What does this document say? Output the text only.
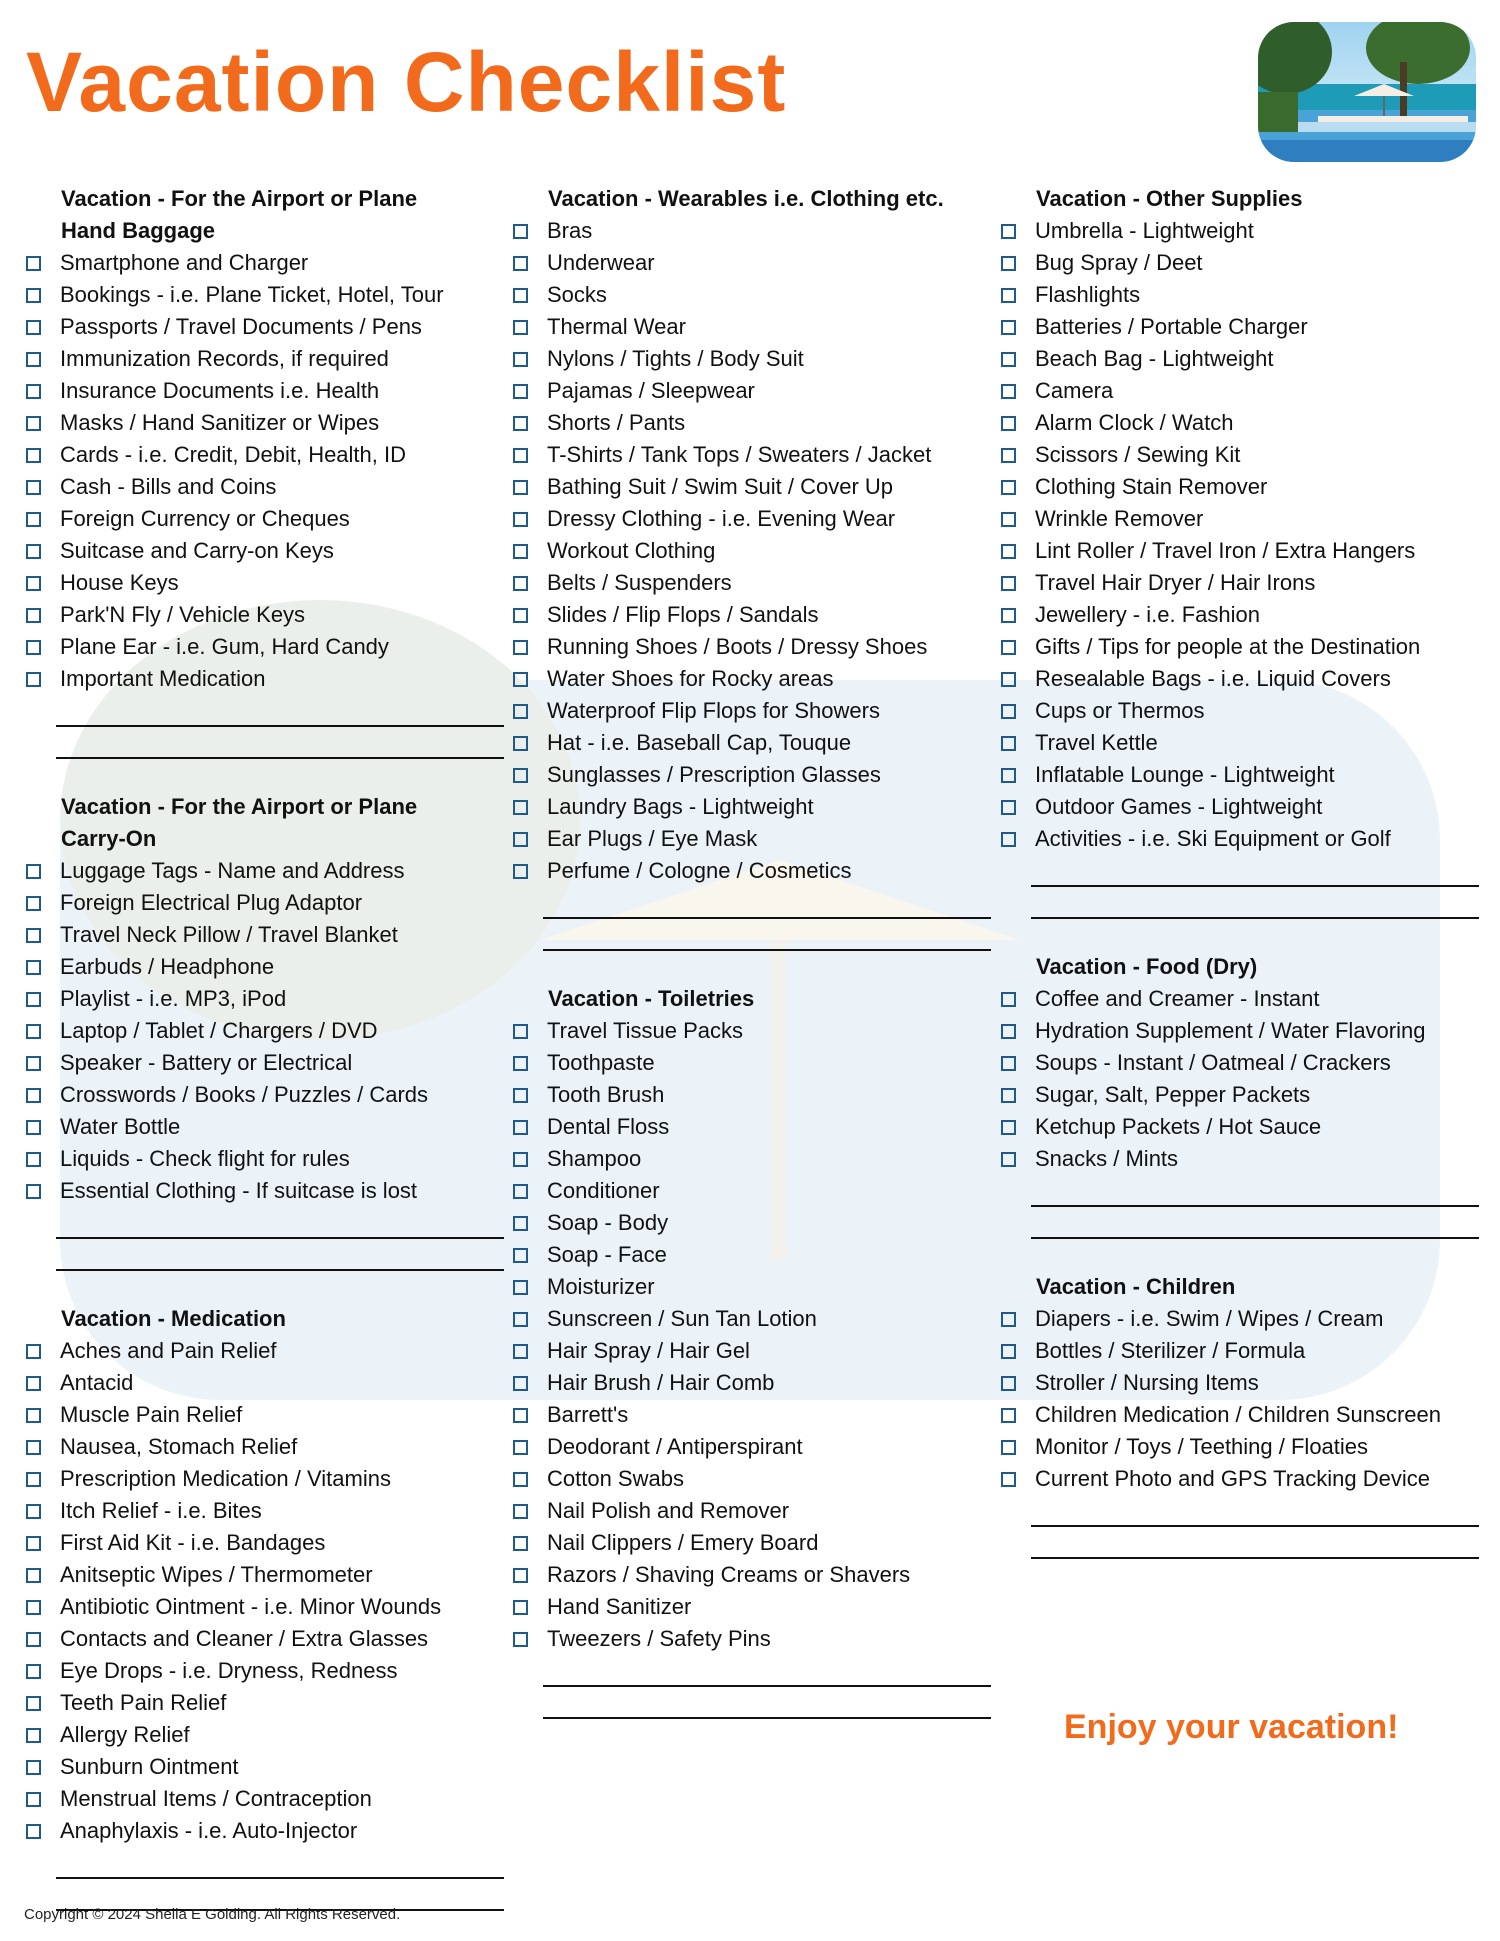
Vacation Checklist
Vacation - For the Airport or Plane
Hand Baggage
Smartphone and Charger
Bookings - i.e. Plane Ticket, Hotel, Tour
Passports / Travel Documents / Pens
Immunization Records, if required
Insurance Documents i.e. Health
Masks / Hand Sanitizer or Wipes
Cards - i.e. Credit, Debit, Health, ID
Cash - Bills and Coins
Foreign Currency or Cheques
Suitcase and Carry-on Keys
House Keys
Park'N Fly / Vehicle Keys
Plane Ear - i.e. Gum, Hard Candy
Important Medication
Vacation - For the Airport or Plane
Carry-On
Luggage Tags - Name and Address
Foreign Electrical Plug Adaptor
Travel Neck Pillow / Travel Blanket
Earbuds / Headphone
Playlist - i.e. MP3, iPod
Laptop / Tablet / Chargers / DVD
Speaker - Battery or Electrical
Crosswords / Books / Puzzles / Cards
Water Bottle
Liquids - Check flight for rules
Essential Clothing - If suitcase is lost
Vacation - Medication
Aches and Pain Relief
Antacid
Muscle Pain Relief
Nausea, Stomach Relief
Prescription Medication / Vitamins
Itch Relief - i.e. Bites
First Aid Kit - i.e. Bandages
Anitseptic Wipes / Thermometer
Antibiotic Ointment - i.e. Minor Wounds
Contacts and Cleaner / Extra Glasses
Eye Drops - i.e. Dryness, Redness
Teeth Pain Relief
Allergy Relief
Sunburn Ointment
Menstrual Items / Contraception
Anaphylaxis - i.e. Auto-Injector
Vacation - Wearables i.e. Clothing etc.
Bras
Underwear
Socks
Thermal Wear
Nylons / Tights / Body Suit
Pajamas / Sleepwear
Shorts / Pants
T-Shirts / Tank Tops / Sweaters / Jacket
Bathing Suit / Swim Suit / Cover Up
Dressy Clothing - i.e. Evening Wear
Workout Clothing
Belts / Suspenders
Slides / Flip Flops / Sandals
Running Shoes / Boots / Dressy Shoes
Water Shoes for Rocky areas
Waterproof Flip Flops for Showers
Hat - i.e. Baseball Cap, Touque
Sunglasses / Prescription Glasses
Laundry Bags - Lightweight
Ear Plugs / Eye Mask
Perfume / Cologne / Cosmetics
Vacation - Toiletries
Travel Tissue Packs
Toothpaste
Tooth Brush
Dental Floss
Shampoo
Conditioner
Soap - Body
Soap - Face
Moisturizer
Sunscreen / Sun Tan Lotion
Hair Spray / Hair Gel
Hair Brush / Hair Comb
Barrett's
Deodorant / Antiperspirant
Cotton Swabs
Nail Polish and Remover
Nail Clippers / Emery Board
Razors / Shaving Creams or Shavers
Hand Sanitizer
Tweezers / Safety Pins
Vacation - Other Supplies
Umbrella - Lightweight
Bug Spray / Deet
Flashlights
Batteries / Portable Charger
Beach Bag - Lightweight
Camera
Alarm Clock / Watch
Scissors / Sewing Kit
Clothing Stain Remover
Wrinkle Remover
Lint Roller / Travel Iron / Extra Hangers
Travel Hair Dryer / Hair Irons
Jewellery - i.e. Fashion
Gifts / Tips for people at the Destination
Resealable Bags - i.e. Liquid Covers
Cups or Thermos
Travel Kettle
Inflatable Lounge - Lightweight
Outdoor Games - Lightweight
Activities - i.e. Ski Equipment or Golf
Vacation - Food (Dry)
Coffee and Creamer - Instant
Hydration Supplement / Water Flavoring
Soups - Instant / Oatmeal / Crackers
Sugar, Salt, Pepper Packets
Ketchup Packets / Hot Sauce
Snacks / Mints
Vacation - Children
Diapers - i.e. Swim / Wipes / Cream
Bottles / Sterilizer / Formula
Stroller / Nursing Items
Children Medication / Children Sunscreen
Monitor / Toys / Teething / Floaties
Current Photo and GPS Tracking Device
Enjoy your vacation!
Copyright © 2024 Sheila E Golding. All Rights Reserved.
